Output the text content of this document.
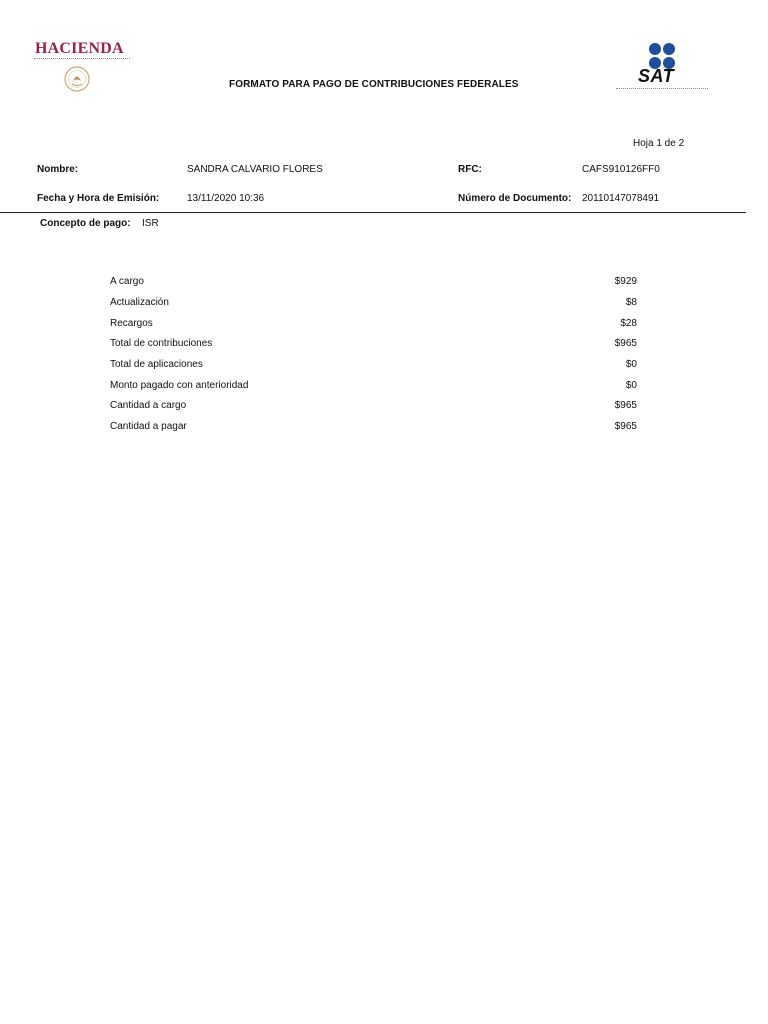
HACIENDA
FORMATO PARA PAGO DE CONTRIBUCIONES FEDERALES	SAT
Hoja 1 de 2
Nombre:	SANDRA CALVARIO FLORES	RFC:	CAFS910126FF0
Fecha y Hora de Emisión:	13/11/2020 10:36	Número de Documento: 20110147078491
Concepto de pago: ISR
A cargo	$929
Actualización	$8
Recargos	$28
Total de contribuciones	$965
Total de aplicaciones	$0
Monto pagado con anterioridad	$0
Cantidad a cargo	$965
Cantidad a pagar	$965
